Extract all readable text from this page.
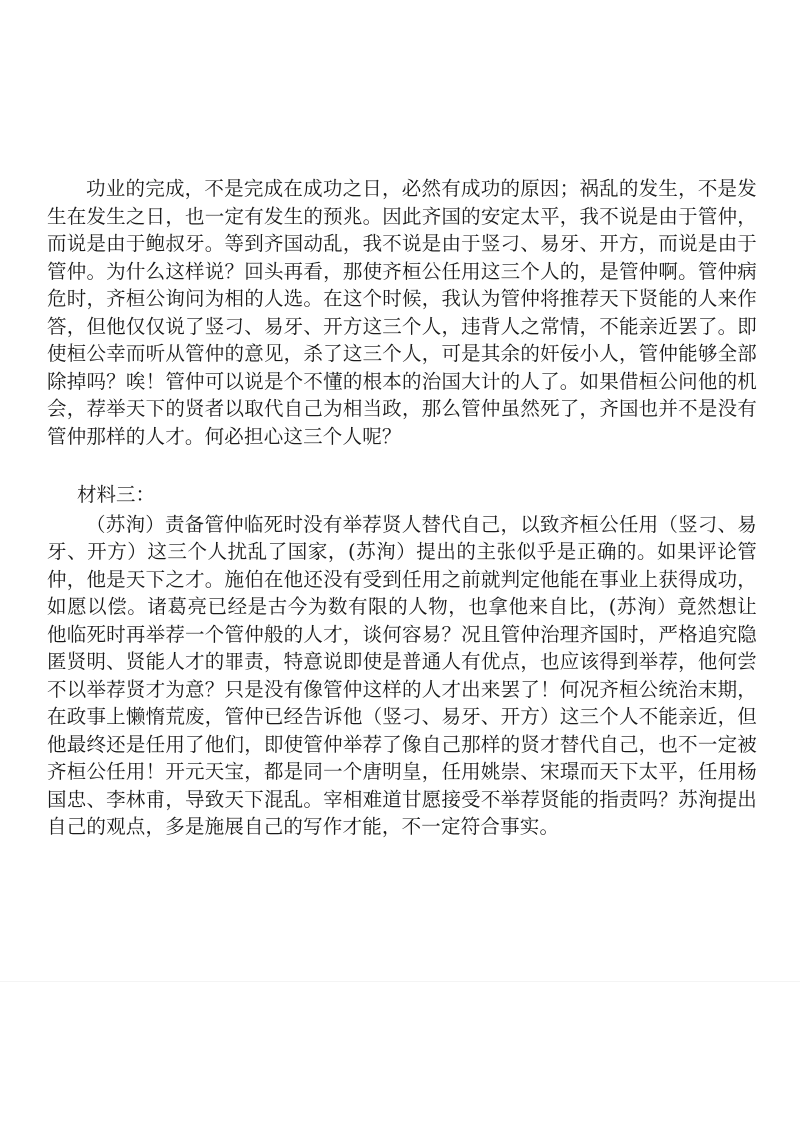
功业的完成，不是完成在成功之日，必然有成功的原因；祸乱的发生，不是发生在发生之日，也一定有发生的预兆。因此齐国的安定太平，我不说是由于管仲，而说是由于鲍叔牙。等到齐国动乱，我不说是由于竖刁、易牙、开方，而说是由于管仲。为什么这样说？回头再看，那使齐桓公任用这三个人的，是管仲啊。管仲病危时，齐桓公询问为相的人选。在这个时候，我认为管仲将推荐天下贤能的人来作答，但他仅仅说了竖刁、易牙、开方这三个人，违背人之常情，不能亲近罢了。即使桓公幸而听从管仲的意见，杀了这三个人，可是其余的奸佞小人，管仲能够全部除掉吗？唉！管仲可以说是个不懂的根本的治国大计的人了。如果借桓公问他的机会，荐举天下的贤者以取代自己为相当政，那么管仲虽然死了，齐国也并不是没有管仲那样的人才。何必担心这三个人呢？

材料三：

（苏洵）责备管仲临死时没有举荐贤人替代自己，以致齐桓公任用（竖刁、易牙、开方）这三个人扰乱了国家，(苏洵）提出的主张似乎是正确的。如果评论管仲，他是天下之才。施伯在他还没有受到任用之前就判定他能在事业上获得成功，如愿以偿。诸葛亮已经是古今为数有限的人物，也拿他来自比，(苏洵）竟然想让他临死时再举荐一个管仲般的人才，谈何容易？况且管仲治理齐国时，严格追究隐匿贤明、贤能人才的罪责，特意说即使是普通人有优点，也应该得到举荐，他何尝不以举荐贤才为意？只是没有像管仲这样的人才出来罢了！何况齐桓公统治末期，在政事上懒惰荒废，管仲已经告诉他（竖刁、易牙、开方）这三个人不能亲近，但他最终还是任用了他们，即使管仲举荐了像自己那样的贤才替代自己，也不一定被齐桓公任用！开元天宝，都是同一个唐明皇，任用姚崇、宋璟而天下太平，任用杨国忠、李林甫，导致天下混乱。宰相难道甘愿接受不举荐贤能的指责吗？苏洵提出自己的观点，多是施展自己的写作才能，不一定符合事实。
